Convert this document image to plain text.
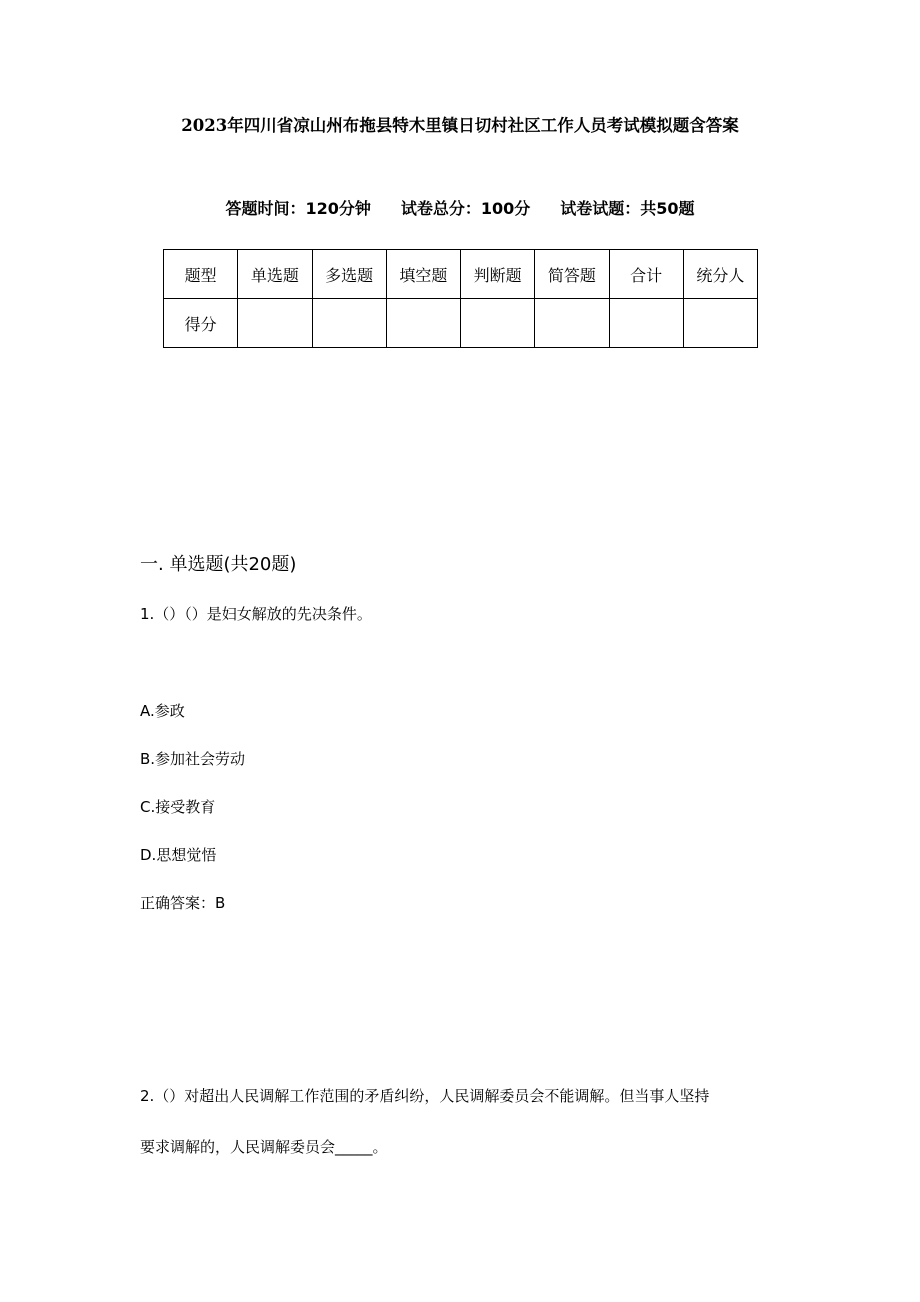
2023年四川省凉山州布拖县特木里镇日切村社区工作人员考试模拟题含答案
答题时间：120分钟 试卷总分：100分 试卷试题：共50题
题型	单选题	多选题	填空题	判断题	简答题	合计	统分人
得分							
一. 单选题(共20题)
1.（）（）是妇女解放的先决条件。
A.参政
B.参加社会劳动
C.接受教育
D.思想觉悟
正确答案：B
2.（）对超出人民调解工作范围的矛盾纠纷，人民调解委员会不能调解。但当事人坚持
要求调解的，人民调解委员会_____。
